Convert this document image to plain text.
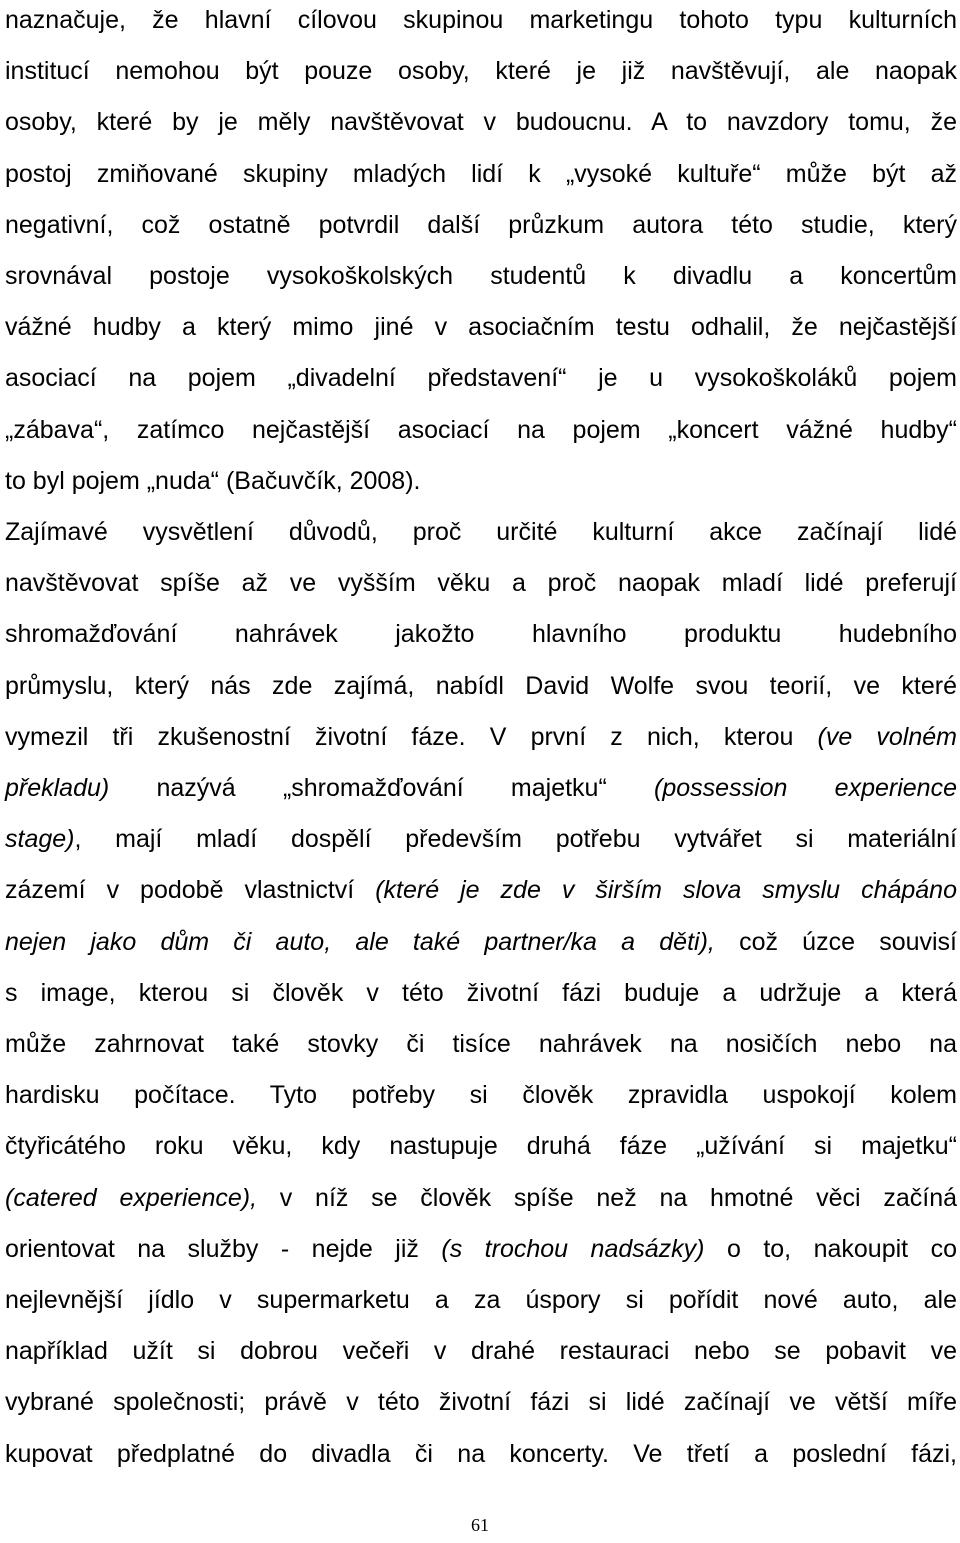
naznačuje, že hlavní cílovou skupinou marketingu tohoto typu kulturních
institucí nemohou být pouze osoby, které je již navštěvují, ale naopak
osoby, které by je měly navštěvovat v budoucnu. A to navzdory tomu, že
postoj zmiňované skupiny mladých lidí k „vysoké kultuře“ může být až
negativní, což ostatně potvrdil další průzkum autora této studie, který
srovnával postoje vysokoškolských studentů k divadlu a koncertům
vážné hudby a který mimo jiné v asociačním testu odhalil, že nejčastější
asociací na pojem „divadelní představení“ je u vysokoškoláků pojem
„zábava“, zatímco nejčastější asociací na pojem „koncert vážné hudby“
to byl pojem „nuda“ (Bačuvčík, 2008).
Zajímavé vysvětlení důvodů, proč určité kulturní akce začínají lidé
navštěvovat spíše až ve vyšším věku a proč naopak mladí lidé preferují
shromažďování nahrávek jakožto hlavního produktu hudebního
průmyslu, který nás zde zajímá, nabídl David Wolfe svou teorií, ve které
vymezil tři zkušenostní životní fáze. V první z nich, kterou (ve volném
překladu) nazývá „shromažďování majetku“ (possession experience
stage), mají mladí dospělí především potřebu vytvářet si materiální
zázemí v podobě vlastnictví (které je zde v širším slova smyslu chápáno
nejen jako dům či auto, ale také partner/ka a děti), což úzce souvisí
s image, kterou si člověk v této životní fázi buduje a udržuje a která
může zahrnovat také stovky či tisíce nahrávek na nosičích nebo na
hardisku počítace. Tyto potřeby si člověk zpravidla uspokojí kolem
čtyřicátého roku věku, kdy nastupuje druhá fáze „užívání si majetku“
(catered experience), v níž se člověk spíše než na hmotné věci začíná
orientovat na služby - nejde již (s trochou nadsázky) o to, nakoupit co
nejlevnější jídlo v supermarketu a za úspory si pořídit nové auto, ale
například užít si dobrou večeři v drahé restauraci nebo se pobavit ve
vybrané společnosti; právě v této životní fázi si lidé začínají ve větší míře
kupovat předplatné do divadla či na koncerty. Ve třetí a poslední fázi,
61
